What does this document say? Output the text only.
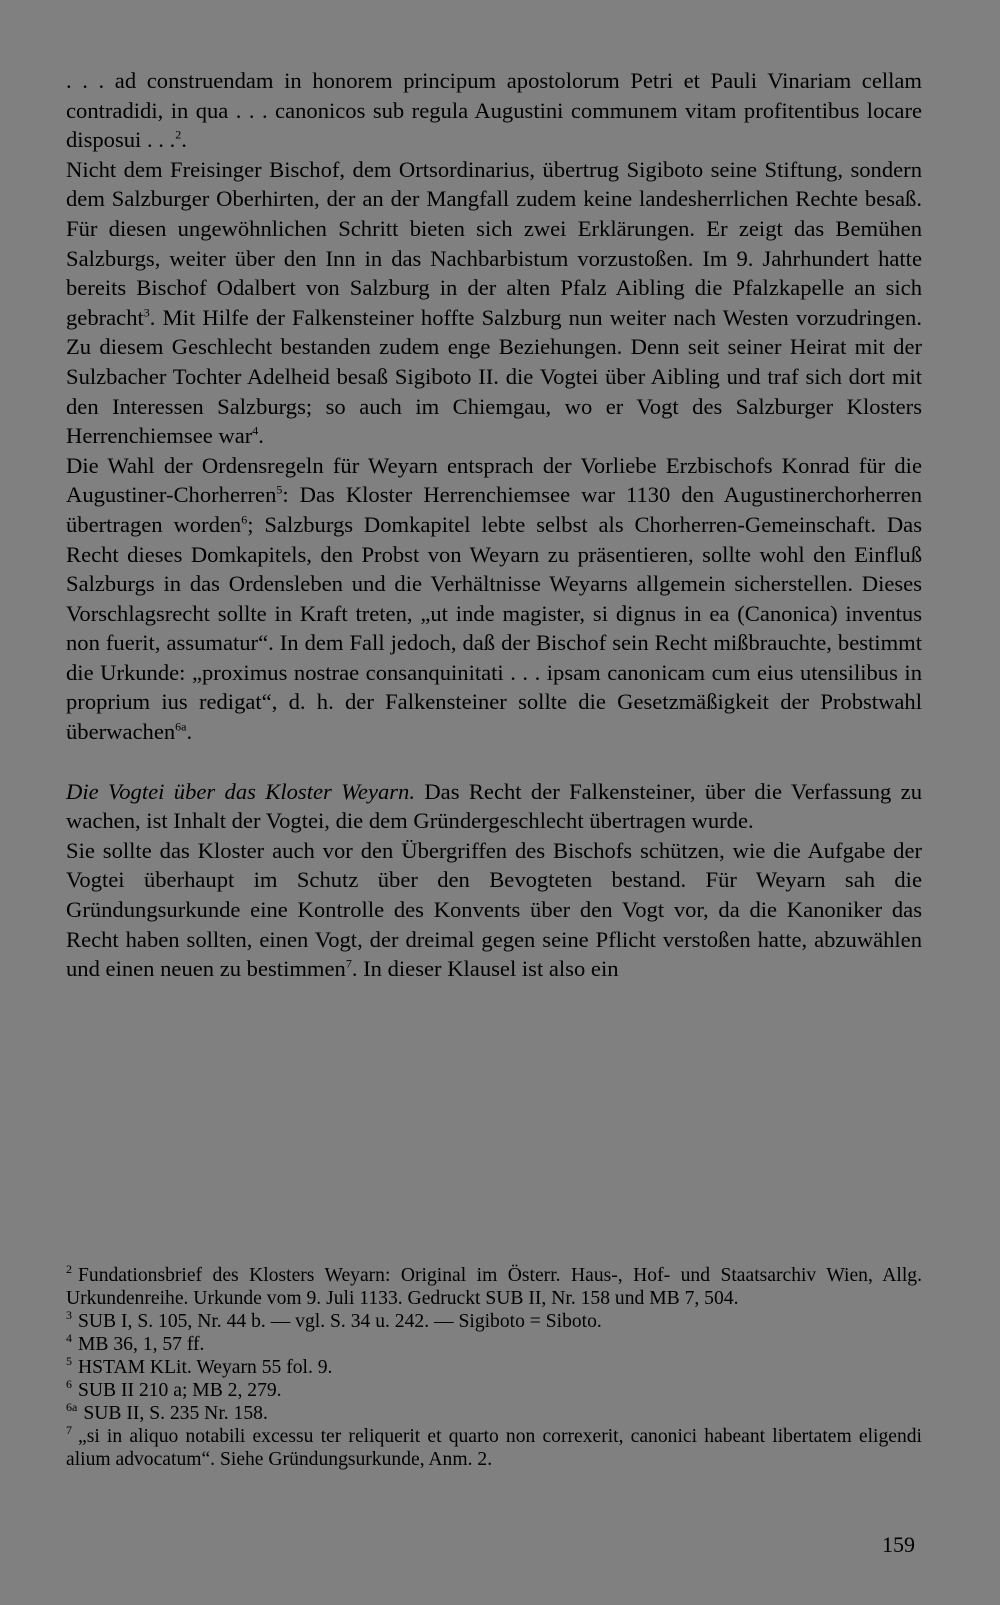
. . . ad construendam in honorem principum apostolorum Petri et Pauli Vinariam cellam contradidi, in qua . . . canonicos sub regula Augustini communem vitam profitentibus locare disposui . . .$^2$.

Nicht dem Freisinger Bischof, dem Ortsordinarius, übertrug Sigiboto seine Stiftung, sondern dem Salzburger Oberhirten, der an der Mangfall zudem keine landesherrlichen Rechte besaß. Für diesen ungewöhnlichen Schritt bieten sich zwei Erklärungen. Er zeigt das Bemühen Salzburgs, weiter über den Inn in das Nachbarbistum vorzustoßen. Im 9. Jahrhundert hatte bereits Bischof Odalbert von Salzburg in der alten Pfalz Aibling die Pfalzkapelle an sich gebracht$^3$. Mit Hilfe der Falkensteiner hoffte Salzburg nun weiter nach Westen vorzudringen. Zu diesem Geschlecht bestanden zudem enge Beziehungen. Denn seit seiner Heirat mit der Sulzbacher Tochter Adelheid besaß Sigiboto II. die Vogtei über Aibling und traf sich dort mit den Interessen Salzburgs; so auch im Chiemgau, wo er Vogt des Salzburger Klosters Herrenchiemsee war$^4$.

Die Wahl der Ordensregeln für Weyarn entsprach der Vorliebe Erzbischofs Konrad für die Augustiner-Chorherren$^5$: Das Kloster Herrenchiemsee war 1130 den Augustinerchorherren übertragen worden$^6$; Salzburgs Domkapitel lebte selbst als Chorherren-Gemeinschaft. Das Recht dieses Domkapitels, den Probst von Weyarn zu präsentieren, sollte wohl den Einfluß Salzburgs in das Ordensleben und die Verhältnisse Weyarns allgemein sicherstellen. Dieses Vorschlagsrecht sollte in Kraft treten, „ut inde magister, si dignus in ea (Canonica) inventus non fuerit, assumatur“. In dem Fall jedoch, daß der Bischof sein Recht mißbrauchte, bestimmt die Urkunde: „proximus nostrae consanquinitati . . . ipsam canonicam cum eius utensilibus in proprium ius redigat“, d. h. der Falkensteiner sollte die Gesetzmäßigkeit der Probstwahl überwachen$^{6a}$.

Die Vogtei über das Kloster Weyarn. Das Recht der Falkensteiner, über die Verfassung zu wachen, ist Inhalt der Vogtei, die dem Gründergeschlecht übertragen wurde.

Sie sollte das Kloster auch vor den Übergriffen des Bischofs schützen, wie die Aufgabe der Vogtei überhaupt im Schutz über den Bevogteten bestand. Für Weyarn sah die Gründungsurkunde eine Kontrolle des Konvents über den Vogt vor, da die Kanoniker das Recht haben sollten, einen Vogt, der dreimal gegen seine Pflicht verstoßen hatte, abzuwählen und einen neuen zu bestimmen$^7$. In dieser Klausel ist also ein

$^2$ Fundationsbrief des Klosters Weyarn: Original im Österr. Haus-, Hof- und Staatsarchiv Wien, Allg. Urkundenreihe. Urkunde vom 9. Juli 1133. Gedruckt SUB II, Nr. 158 und MB 7, 504.

$^3$ SUB I, S. 105, Nr. 44 b. — vgl. S. 34 u. 242. — Sigiboto = Siboto.

$^4$ MB 36, 1, 57 ff.

$^5$ HSTAM KLit. Weyarn 55 fol. 9.

$^6$ SUB II 210 a; MB 2, 279.

$^{6a}$ SUB II, S. 235 Nr. 158.

$^7$ „si in aliquo notabili excessu ter reliquerit et quarto non correxerit, canonici habeant libertatem eligendi alium advocatum“. Siehe Gründungsurkunde, Anm. 2.

159
